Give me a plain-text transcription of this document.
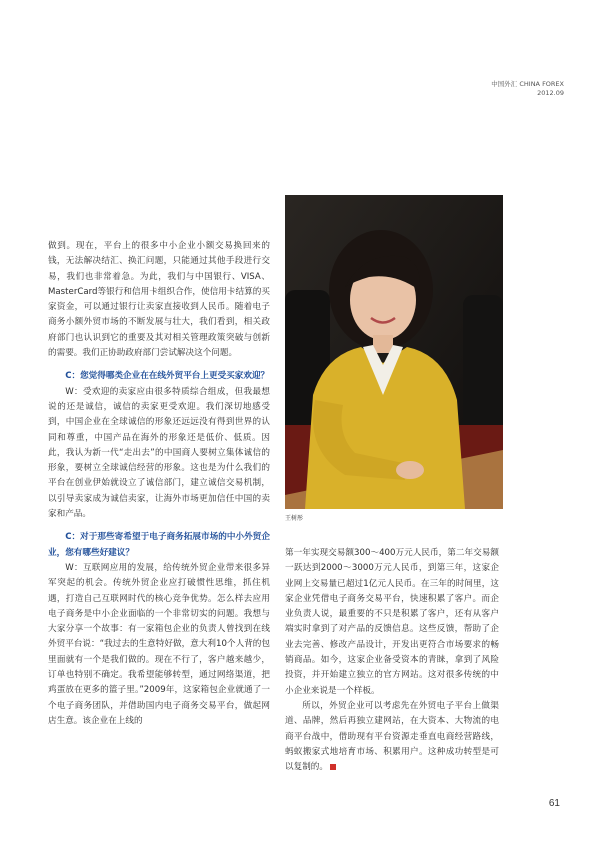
中国外汇 CHINA FOREX
2012.09

做到。现在，平台上的很多中小企业小额交易换回来的钱，无法解决结汇、换汇问题，只能通过其他手段进行交易，我们也非常着急。为此，我们与中国银行、VISA、MasterCard等银行和信用卡组织合作，使信用卡结算的买家资金，可以通过银行让卖家直接收到人民币。随着电子商务小额外贸市场的不断发展与壮大，我们看到，相关政府部门也认识到它的重要及其对相关管理政策突破与创新的需要。我们正协助政府部门尝试解决这个问题。

C：您觉得哪类企业在在线外贸平台上更受买家欢迎？

W：受欢迎的卖家应由很多特质综合组成，但我最想说的还是诚信，诚信的卖家更受欢迎。我们深切地感受到，中国企业在全球诚信的形象还远远没有得到世界的认同和尊重，中国产品在海外的形象还是低价、低质。因此，我认为新一代“走出去”的中国商人要树立集体诚信的形象，要树立全球诚信经营的形象。这也是为什么我们的平台在创业伊始就设立了诚信部门，建立诚信交易机制，以引导卖家成为诚信卖家，让海外市场更加信任中国的卖家和产品。

C：对于那些寄希望于电子商务拓展市场的中小外贸企业，您有哪些好建议？

W：互联网应用的发展，给传统外贸企业带来很多异军突起的机会。传统外贸企业应打破惯性思维，抓住机遇，打造自己互联网时代的核心竞争优势。怎么样去应用电子商务是中小企业面临的一个非常切实的问题。我想与大家分享一个故事：有一家箱包企业的负责人曾找到在线外贸平台说：“我过去的生意特好做，意大利10个人背的包里面就有一个是我们做的。现在不行了，客户越来越少，订单也特别不确定。我希望能够转型，通过网络渠道，把鸡蛋放在更多的篮子里。”2009年，这家箱包企业就通了一个电子商务团队，并借助国内电子商务交易平台，做起网店生意。该企业在上线的

王树彤

第一年实现交易额300～400万元人民币，第二年交易额一跃达到2000～3000万元人民币，到第三年，这家企业网上交易量已超过1亿元人民币。在三年的时间里，这家企业凭借电子商务交易平台，快速积累了客户。而企业负责人说，最重要的不只是积累了客户，还有从客户端实时拿到了对产品的反馈信息。这些反馈，帮助了企业去完善、修改产品设计，开发出更符合市场要求的畅销商品。如今，这家企业备受资本的青睐，拿到了风险投资，并开始建立独立的官方网站。这对很多传统的中小企业来说是一个样板。

所以，外贸企业可以考虑先在外贸电子平台上做渠道、品牌，然后再独立建网站，在大资本、大物流的电商平台战中，借助现有平台资源走垂直电商经营路线，蚂蚁搬家式地培育市场、积累用户。这种成功转型是可以复制的。

61
